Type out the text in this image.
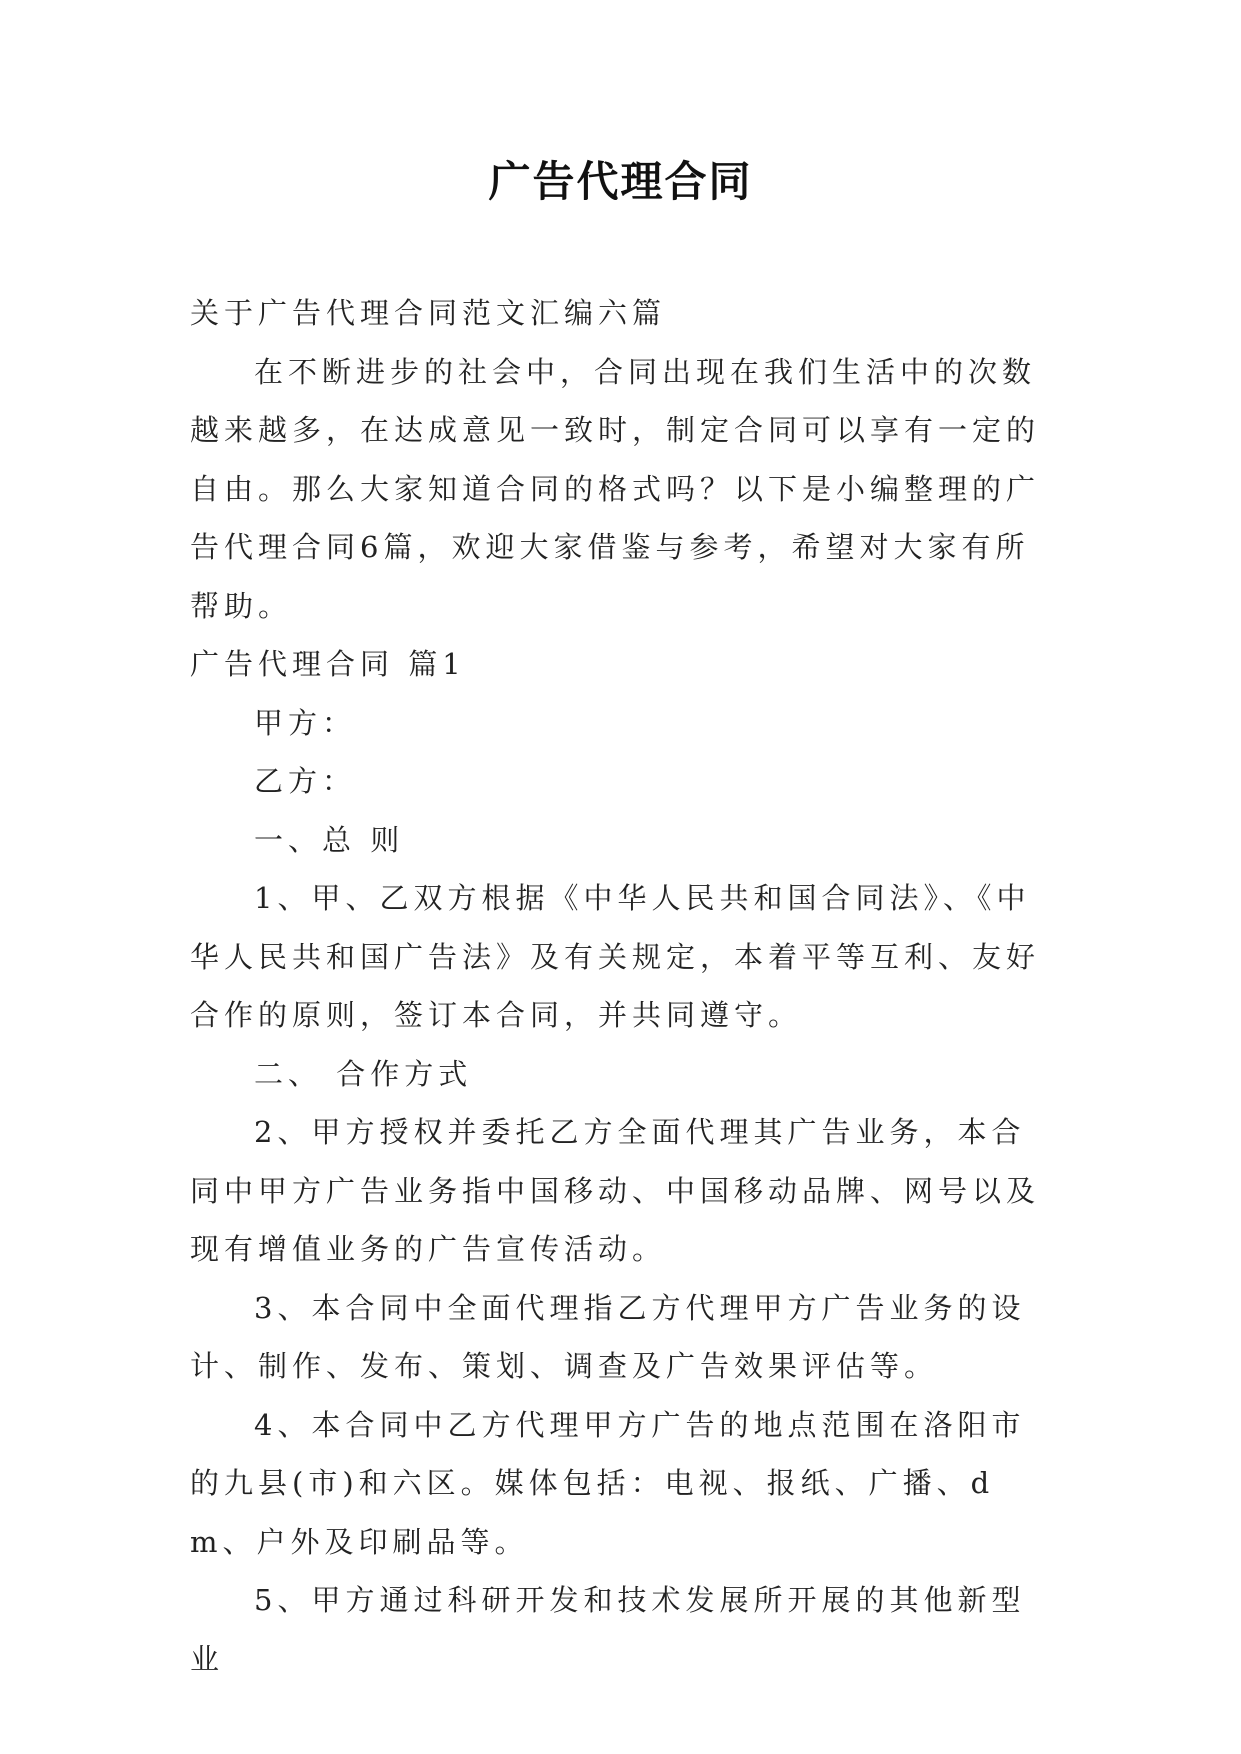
广告代理合同

关于广告代理合同范文汇编六篇

在不断进步的社会中，合同出现在我们生活中的次数越来越多，在达成意见一致时，制定合同可以享有一定的自由。那么大家知道合同的格式吗？以下是小编整理的广告代理合同6篇，欢迎大家借鉴与参考，希望对大家有所帮助。

广告代理合同 篇1

甲方：

乙方：

一、总 则

1、甲、乙双方根据《中华人民共和国合同法》、《中华人民共和国广告法》及有关规定，本着平等互利、友好合作的原则，签订本合同，并共同遵守。

二、 合作方式

2、甲方授权并委托乙方全面代理其广告业务，本合同中甲方广告业务指中国移动、中国移动品牌、网号以及现有增值业务的广告宣传活动。

3、本合同中全面代理指乙方代理甲方广告业务的设计、制作、发布、策划、调查及广告效果评估等。

4、本合同中乙方代理甲方广告的地点范围在洛阳市的九县(市)和六区。媒体包括：电视、报纸、广播、dm、户外及印刷品等。

5、甲方通过科研开发和技术发展所开展的其他新型业
